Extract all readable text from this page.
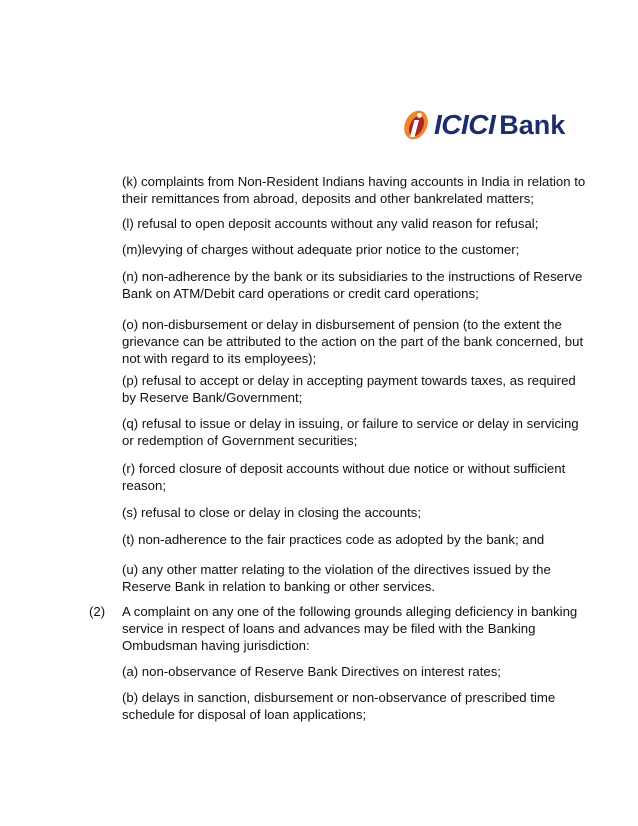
ICICI Bank

(k) complaints from Non-Resident Indians having accounts in India in relation to their remittances from abroad, deposits and other bankrelated matters;

(l) refusal to open deposit accounts without any valid reason for refusal;

(m)levying of charges without adequate prior notice to the customer;

(n) non-adherence by the bank or its subsidiaries to the instructions of Reserve Bank on ATM/Debit card operations or credit card operations;

(o) non-disbursement or delay in disbursement of pension (to the extent the grievance can be attributed to the action on the part of the bank concerned, but not with regard to its employees);

(p) refusal to accept or delay in accepting payment towards taxes, as required by Reserve Bank/Government;

(q) refusal to issue or delay in issuing, or failure to service or delay in servicing or redemption of Government securities;

(r) forced closure of deposit accounts without due notice or without sufficient reason;

(s) refusal to close or delay in closing the accounts;

(t) non-adherence to the fair practices code as adopted by the bank; and

(u) any other matter relating to the violation of the directives issued by the Reserve Bank in relation to banking or other services.

(2) A complaint on any one of the following grounds alleging deficiency in banking service in respect of loans and advances may be filed with the Banking Ombudsman having jurisdiction:

(a) non-observance of Reserve Bank Directives on interest rates;

(b) delays in sanction, disbursement or non-observance of prescribed time schedule for disposal of loan applications;
